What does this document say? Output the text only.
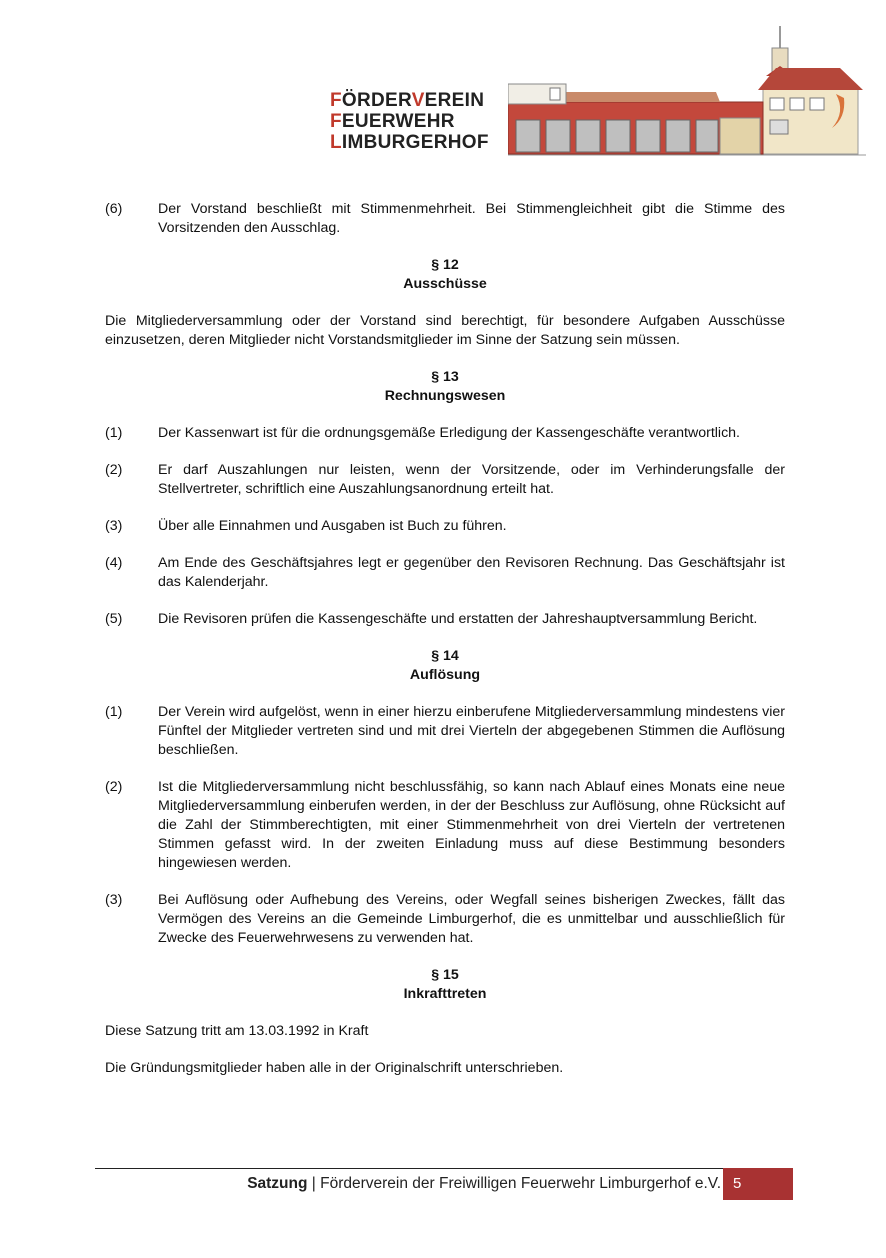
FÖRDERVEREIN
FEUERWEHR
LIMBURGERHOF
(6)	Der Vorstand beschließt mit Stimmenmehrheit. Bei Stimmengleichheit gibt die Stimme des Vorsitzenden den Ausschlag.
§ 12
Ausschüsse
Die Mitgliederversammlung oder der Vorstand sind berechtigt, für besondere Aufgaben Ausschüsse einzusetzen, deren Mitglieder nicht Vorstandsmitglieder im Sinne der Satzung sein müssen.
§ 13
Rechnungswesen
(1)	Der Kassenwart ist für die ordnungsgemäße Erledigung der Kassengeschäfte verantwortlich.
(2)	Er darf Auszahlungen nur leisten, wenn der Vorsitzende, oder im Verhinderungsfalle der Stellvertreter, schriftlich eine Auszahlungsanordnung erteilt hat.
(3)	Über alle Einnahmen und Ausgaben ist Buch zu führen.
(4)	Am Ende des Geschäftsjahres legt er gegenüber den Revisoren Rechnung. Das Geschäftsjahr ist das Kalenderjahr.
(5)	Die Revisoren prüfen die Kassengeschäfte und erstatten der Jahreshauptversammlung Bericht.
§ 14
Auflösung
(1)	Der Verein wird aufgelöst, wenn in einer hierzu einberufene Mitgliederversammlung mindestens vier Fünftel der Mitglieder vertreten sind und mit drei Vierteln der abgegebenen Stimmen die Auflösung beschließen.
(2)	Ist die Mitgliederversammlung nicht beschlussfähig, so kann nach Ablauf eines Monats eine neue Mitgliederversammlung einberufen werden, in der der Beschluss zur Auflösung, ohne Rücksicht auf die Zahl der Stimmberechtigten, mit einer Stimmenmehrheit von drei Vierteln der vertretenen Stimmen gefasst wird. In der zweiten Einladung muss auf diese Bestimmung besonders hingewiesen werden.
(3)	Bei Auflösung oder Aufhebung des Vereins, oder Wegfall seines bisherigen Zweckes, fällt das Vermögen des Vereins an die Gemeinde Limburgerhof, die es unmittelbar und ausschließlich für Zwecke des Feuerwehrwesens zu verwenden hat.
§ 15
Inkrafttreten
Diese Satzung tritt am 13.03.1992 in Kraft
Die Gründungsmitglieder haben alle in der Originalschrift unterschrieben.
Satzung | Förderverein der Freiwilligen Feuerwehr Limburgerhof e.V. 5
